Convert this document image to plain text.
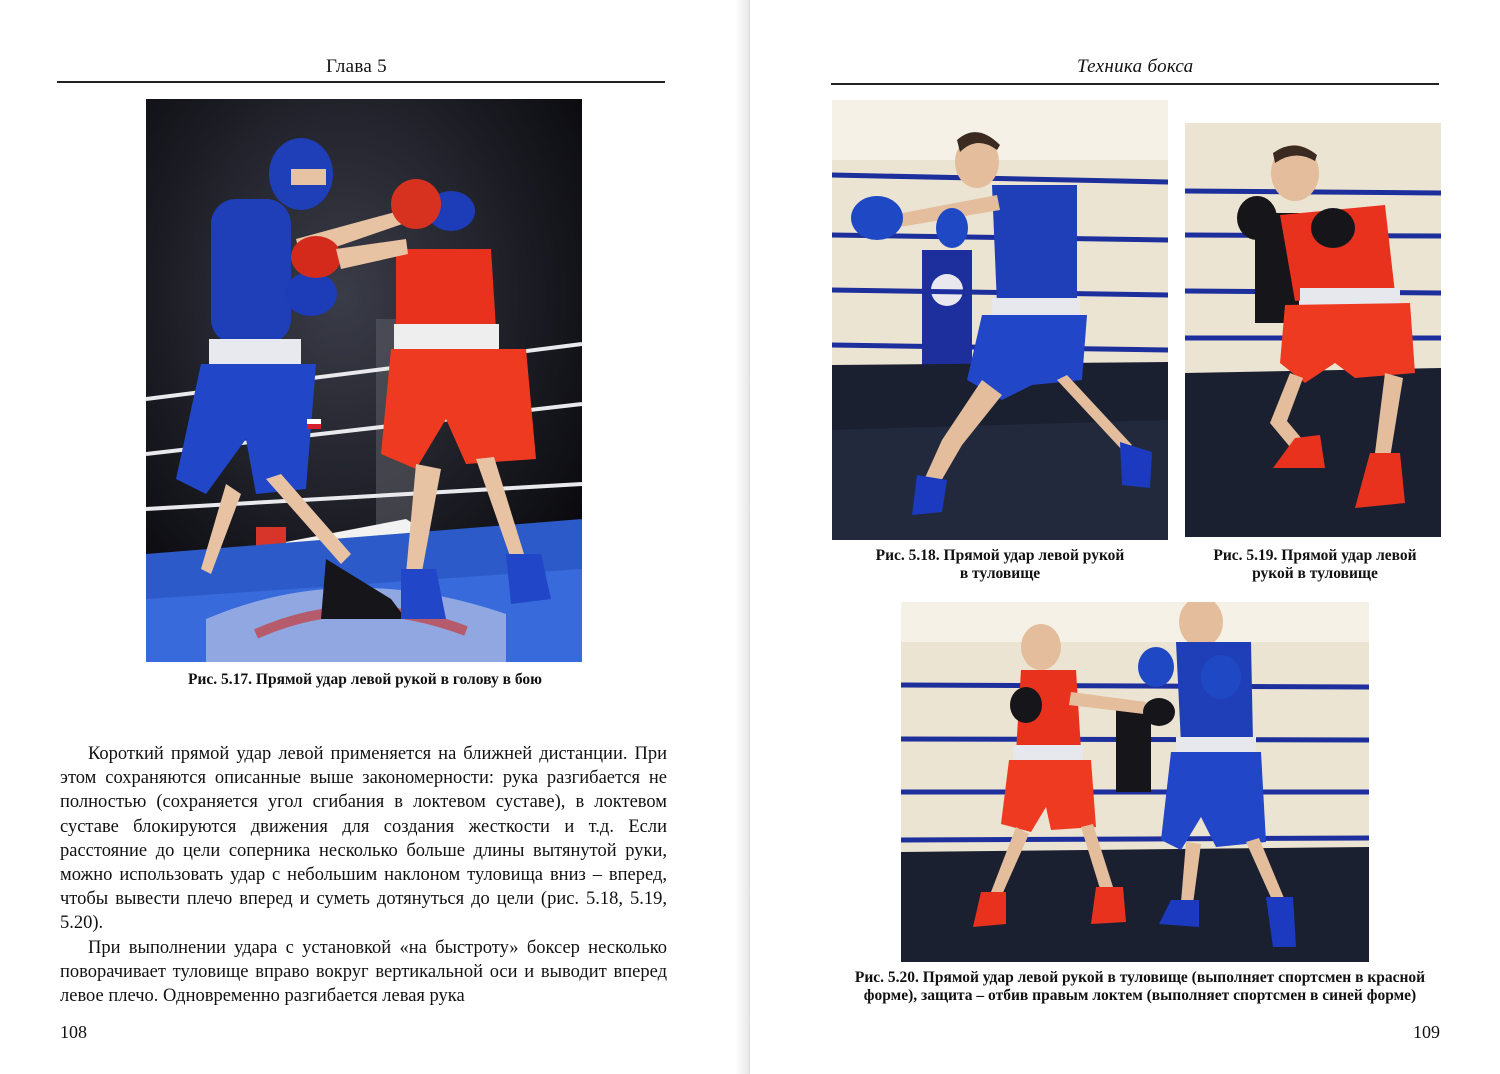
Глава 5
Рис. 5.17. Прямой удар левой рукой в голову в бою

Короткий прямой удар левой применяется на ближней дистанции. При этом сохраняются описанные выше закономерности: рука разгибается не полностью (сохраняется угол сгибания в локтевом суставе), в локтевом суставе блокируются движения для создания жесткости и т.д. Если расстояние до цели соперника несколько больше длины вытянутой руки, можно использовать удар с небольшим наклоном туловища вниз – вперед, чтобы вывести плечо вперед и суметь дотянуться до цели (рис. 5.18, 5.19, 5.20).

При выполнении удара с установкой «на быстроту» боксер несколько поворачивает туловище вправо вокруг вертикальной оси и выводит вперед левое плечо. Одновременно разгибается левая рука

108
Техника бокса
Рис. 5.18. Прямой удар левой рукой
в туловище
Рис. 5.19. Прямой удар левой
рукой в туловище
Рис. 5.20. Прямой удар левой рукой в туловище (выполняет спортсмен в красной
форме), защита – отбив правым локтем (выполняет спортсмен в синей форме)
109
